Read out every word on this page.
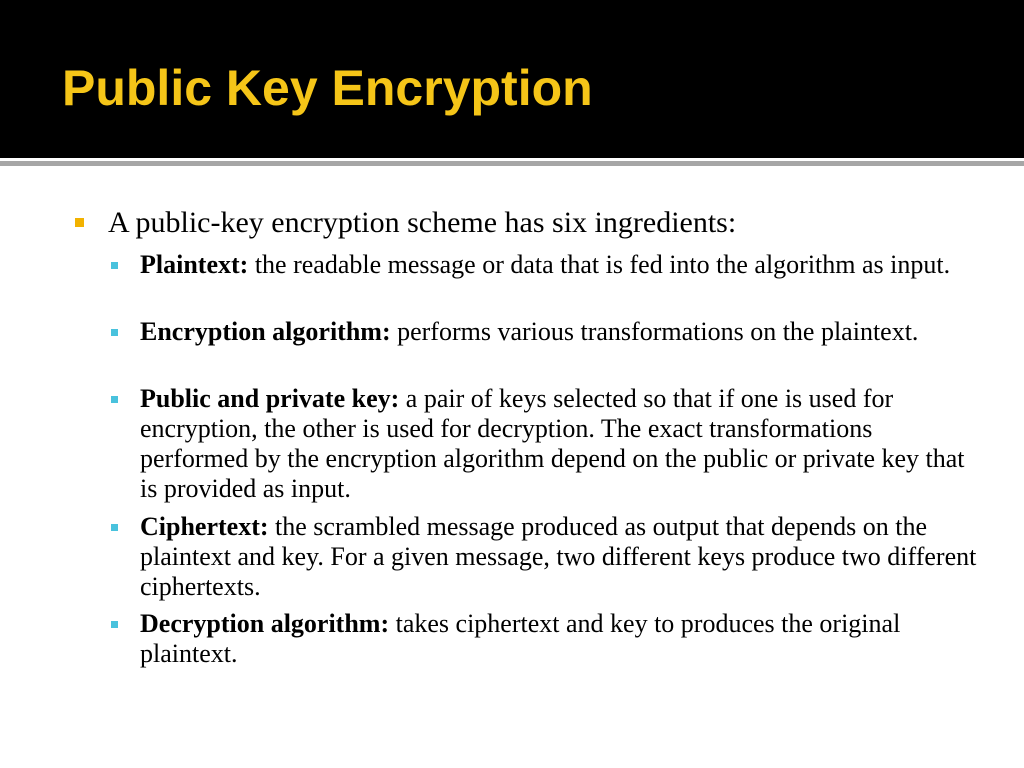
Public Key Encryption
A public-key encryption scheme has six ingredients:
Plaintext: the readable message or data that is fed into the algorithm as input.
Encryption algorithm: performs various transformations on the plaintext.
Public and private key: a pair of keys selected so that if one is used for encryption, the other is used for decryption. The exact transformations performed by the encryption algorithm depend on the public or private key that is provided as input.
Ciphertext: the scrambled message produced as output that depends on the plaintext and key. For a given message, two different keys produce two different ciphertexts.
Decryption algorithm: takes ciphertext and key to produces the original plaintext.
